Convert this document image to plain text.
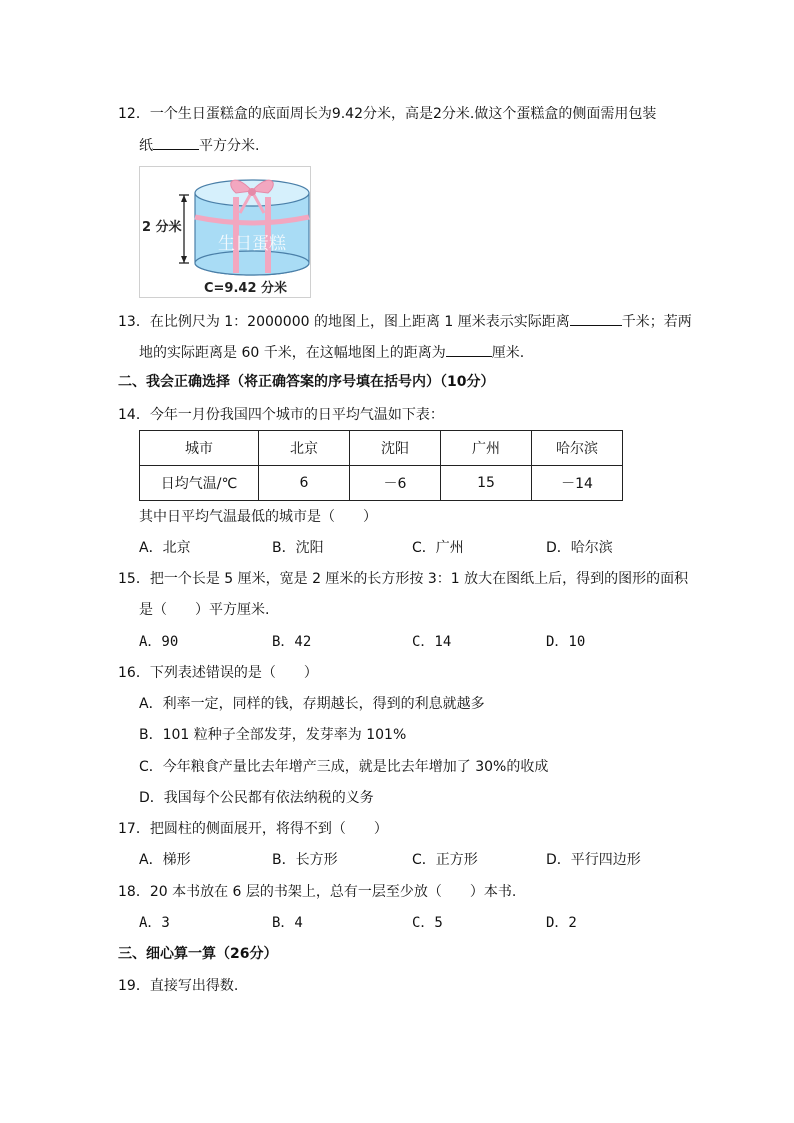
12．一个生日蛋糕盒的底面周长为9.42分米，高是2分米.做这个蛋糕盒的侧面需用包装
纸	平方分米.
生日蛋糕
2 分米
C=9.42 分米
13．在比例尺为 1：2000000 的地图上，图上距离 1 厘米表示实际距离	千米；若两
地的实际距离是 60 千米，在这幅地图上的距离为	厘米.
二、我会正确选择（将正确答案的序号填在括号内）（10分）
14．今年一月份我国四个城市的日平均气温如下表：
城市	北京	沈阳	广州	哈尔滨
日均气温/℃	6	－6	15	－14
其中日平均气温最低的城市是（　　）
A．北京	B．沈阳	C．广州	D．哈尔滨
15．把一个长是 5 厘米，宽是 2 厘米的长方形按 3：1 放大在图纸上后，得到的图形的面积
是（　　）平方厘米.
A．90	B．42	C．14	D．10
16．下列表述错误的是（　　）
A．利率一定，同样的钱，存期越长，得到的利息就越多
B．101 粒种子全部发芽，发芽率为 101%
C．今年粮食产量比去年增产三成，就是比去年增加了 30%的收成
D．我国每个公民都有依法纳税的义务
17．把圆柱的侧面展开，将得不到（　　）
A．梯形	B．长方形	C．正方形	D．平行四边形
18．20 本书放在 6 层的书架上，总有一层至少放（　　）本书.
A．3	B．4	C．5	D．2
三、细心算一算（26分）
19．直接写出得数.
